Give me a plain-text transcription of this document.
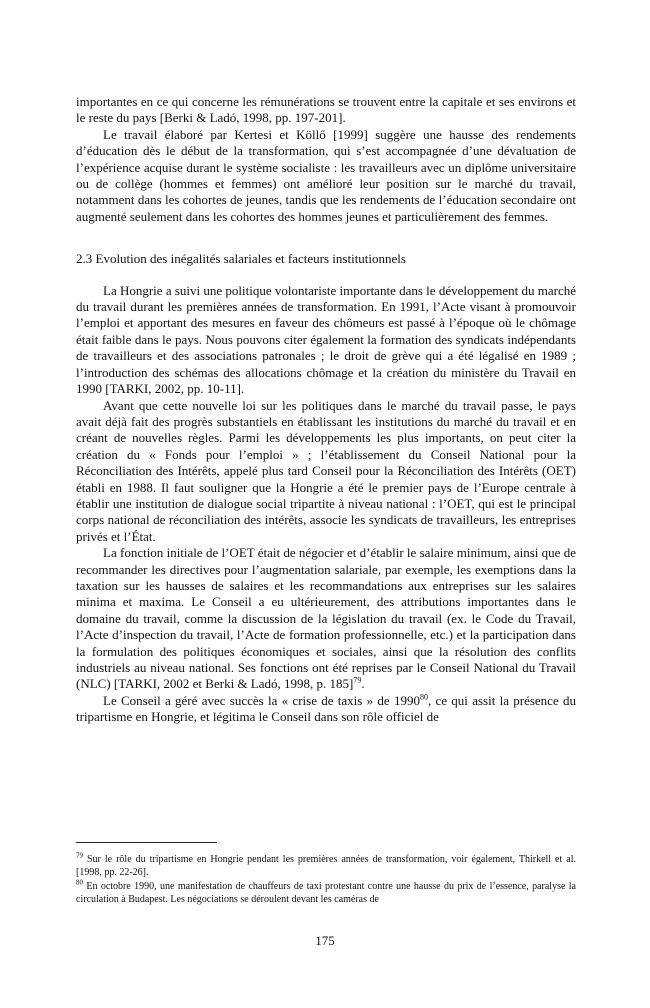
importantes en ce qui concerne les rémunérations se trouvent entre la capitale et ses environs et le reste du pays [Berki & Ladó, 1998, pp. 197-201].

Le travail élaboré par Kertesi et Köllő [1999] suggère une hausse des rendements d’éducation dès le début de la transformation, qui s’est accompagnée d’une dévaluation de l’expérience acquise durant le système socialiste : les travailleurs avec un diplôme universitaire ou de collège (hommes et femmes) ont amélioré leur position sur le marché du travail, notamment dans les cohortes de jeunes, tandis que les rendements de l’éducation secondaire ont augmenté seulement dans les cohortes des hommes jeunes et particulièrement des femmes.

2.3 Evolution des inégalités salariales et facteurs institutionnels

La Hongrie a suivi une politique volontariste importante dans le développement du marché du travail durant les premières années de transformation. En 1991, l’Acte visant à promouvoir l’emploi et apportant des mesures en faveur des chômeurs est passé à l’époque où le chômage était faible dans le pays. Nous pouvons citer également la formation des syndicats indépendants de travailleurs et des associations patronales ; le droit de grève qui a été légalisé en 1989 ; l’introduction des schémas des allocations chômage et la création du ministère du Travail en 1990 [TARKI, 2002, pp. 10-11].

Avant que cette nouvelle loi sur les politiques dans le marché du travail passe, le pays avait déjà fait des progrès substantiels en établissant les institutions du marché du travail et en créant de nouvelles règles. Parmi les développements les plus importants, on peut citer la création du « Fonds pour l’emploi » ; l’établissement du Conseil National pour la Réconciliation des Intérêts, appelé plus tard Conseil pour la Réconciliation des Intérêts (OET) établi en 1988. Il faut souligner que la Hongrie a été le premier pays de l’Europe centrale à établir une institution de dialogue social tripartite à niveau national : l’OET, qui est le principal corps national de réconciliation des intérêts, associe les syndicats de travailleurs, les entreprises privés et l’État.

La fonction initiale de l’OET était de négocier et d’établir le salaire minimum, ainsi que de recommander les directives pour l’augmentation salariale, par exemple, les exemptions dans la taxation sur les hausses de salaires et les recommandations aux entreprises sur les salaires minima et maxima. Le Conseil a eu ultérieurement, des attributions importantes dans le domaine du travail, comme la discussion de la législation du travail (ex. le Code du Travail, l’Acte d’inspection du travail, l’Acte de formation professionnelle, etc.) et la participation dans la formulation des politiques économiques et sociales, ainsi que la résolution des conflits industriels au niveau national. Ses fonctions ont été reprises par le Conseil National du Travail (NLC) [TARKI, 2002 et Berki & Ladó, 1998, p. 185]$^{79}$.

Le Conseil a géré avec succès la « crise de taxis » de 1990$^{80}$, ce qui assit la présence du tripartisme en Hongrie, et légitima le Conseil dans son rôle officiel de

$^{79}$ Sur le rôle du tripartisme en Hongrie pendant les premières années de transformation, voir également, Thirkell et al. [1998, pp. 22-26].

$^{80}$ En octobre 1990, une manifestation de chauffeurs de taxi protestant contre une hausse du prix de l’essence, paralyse la circulation à Budapest. Les négociations se déroulent devant les caméras de

175
